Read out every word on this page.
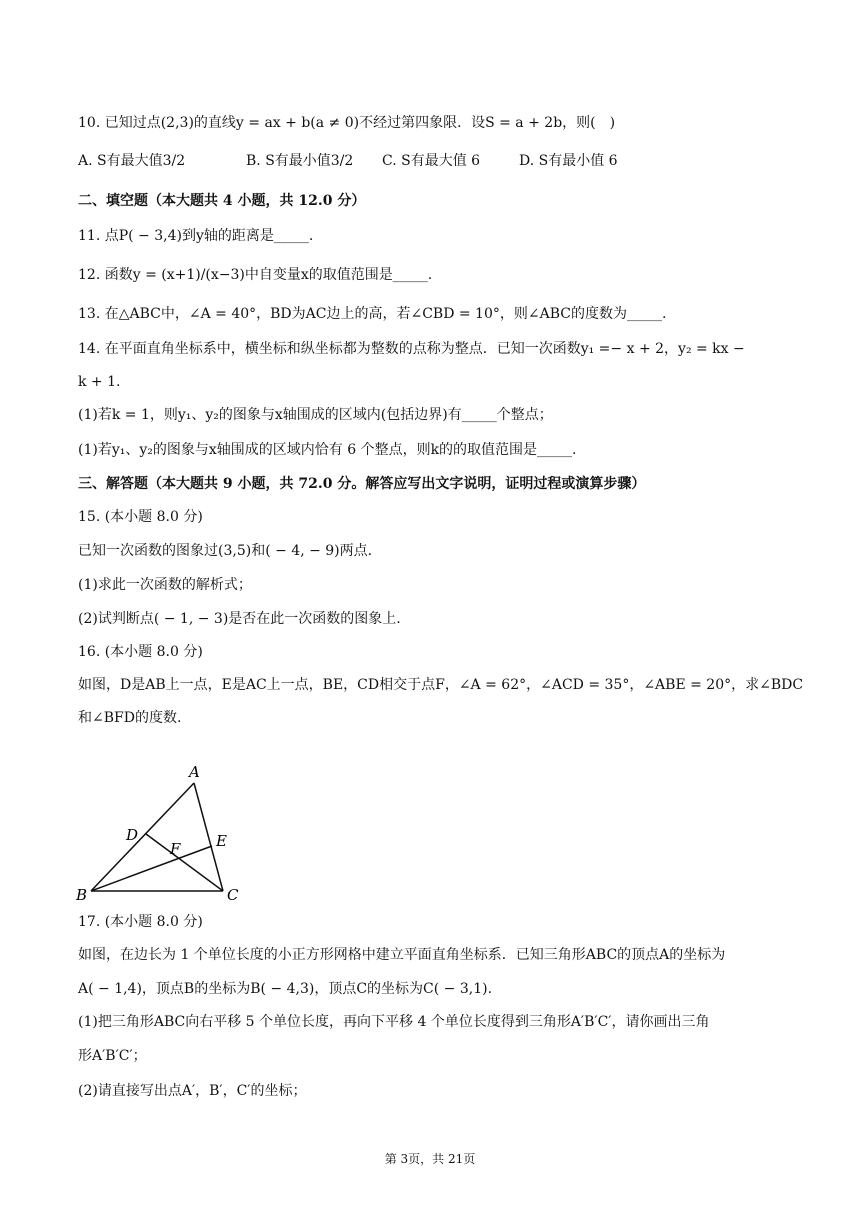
10. 已知过点(2,3)的直线y = ax + b(a ≠ 0)不经过第四象限．设S = a + 2b，则(　)
A. S有最大值3/2	B. S有最小值3/2 C. S有最大值 6	D. S有最小值 6
二、填空题（本大题共 4 小题，共 12.0 分）
11. 点P( − 3,4)到y轴的距离是_____.
12. 函数y = (x+1)/(x−3)中自变量x的取值范围是_____.
13. 在△ABC中，∠A = 40°，BD为AC边上的高，若∠CBD = 10°，则∠ABC的度数为_____.
14. 在平面直角坐标系中，横坐标和纵坐标都为整数的点称为整点．已知一次函数y₁ =− x + 2，y₂ = kx −
k + 1.
(1)若k = 1，则y₁、y₂的图象与x轴围成的区域内(包括边界)有_____个整点；
(1)若y₁、y₂的图象与x轴围成的区域内恰有 6 个整点，则k的的取值范围是_____.
三、解答题（本大题共 9 小题，共 72.0 分。解答应写出文字说明，证明过程或演算步骤）
15. (本小题 8.0 分)
已知一次函数的图象过(3,5)和( − 4, − 9)两点.
(1)求此一次函数的解析式；
(2)试判断点( − 1, − 3)是否在此一次函数的图象上.
16. (本小题 8.0 分)
如图，D是AB上一点，E是AC上一点，BE，CD相交于点F，∠A = 62°，∠ACD = 35°，∠ABE = 20°，求∠BDC
和∠BFD的度数.
A
B	C
D	E
F
17. (本小题 8.0 分)
如图，在边长为 1 个单位长度的小正方形网格中建立平面直角坐标系．已知三角形ABC的顶点A的坐标为
A( − 1,4)，顶点B的坐标为B( − 4,3)，顶点C的坐标为C( − 3,1).
(1)把三角形ABC向右平移 5 个单位长度，再向下平移 4 个单位长度得到三角形A′B′C′，请你画出三角
形A′B′C′；
(2)请直接写出点A′，B′，C′的坐标；
第 3页，共 21页
